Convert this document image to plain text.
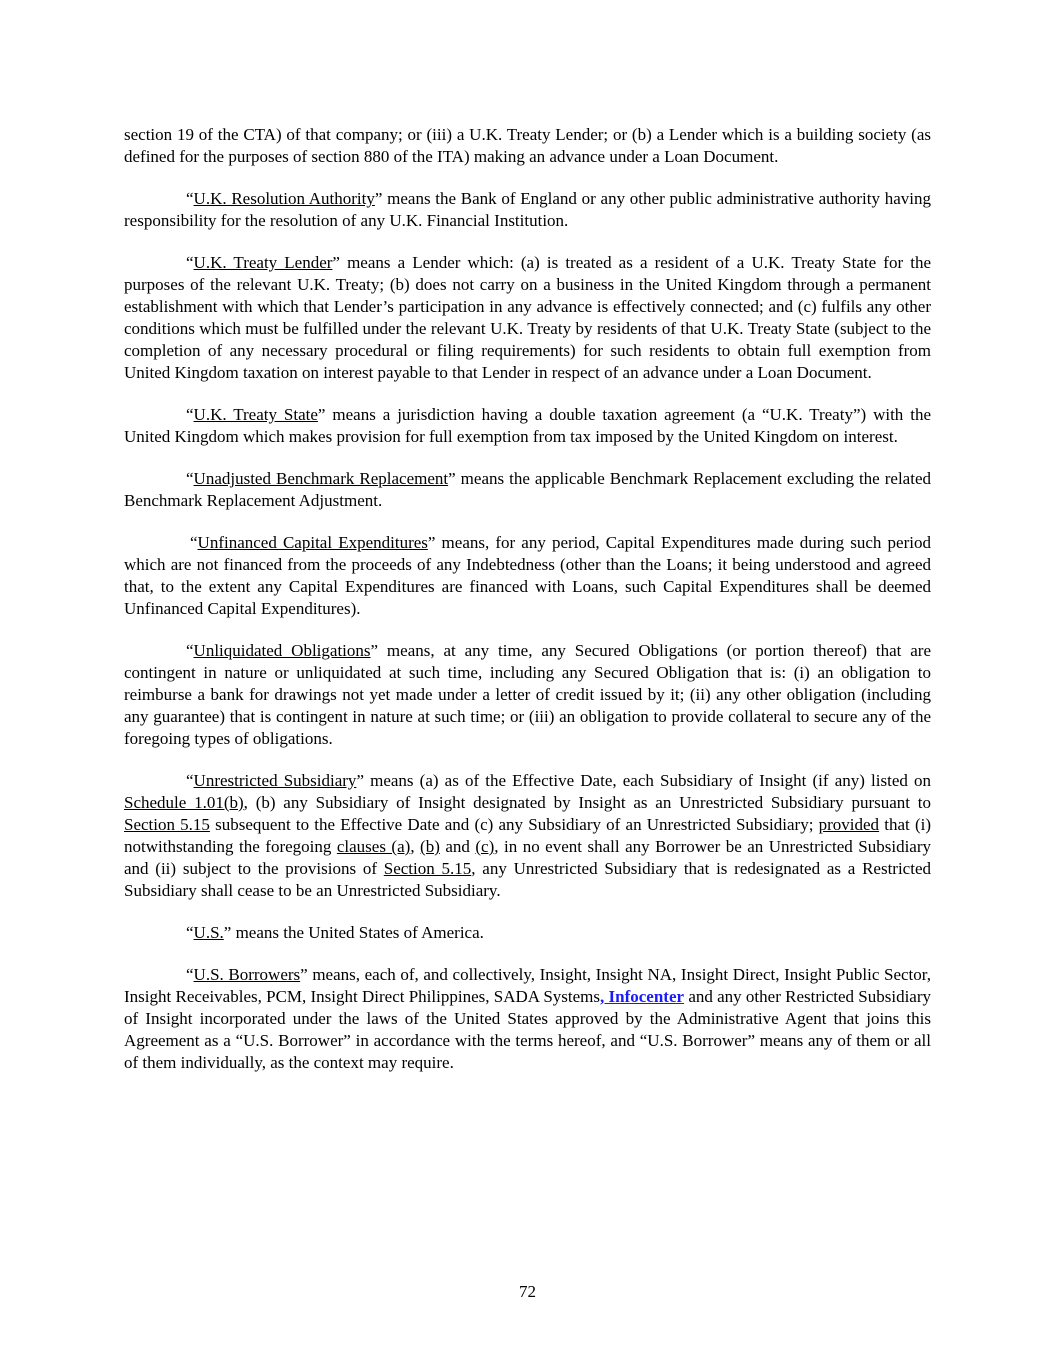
section 19 of the CTA) of that company; or (iii) a U.K. Treaty Lender; or (b) a Lender which is a building society (as defined for the purposes of section 880 of the ITA) making an advance under a Loan Document.

“U.K. Resolution Authority” means the Bank of England or any other public administrative authority having responsibility for the resolution of any U.K. Financial Institution.

“U.K. Treaty Lender” means a Lender which: (a) is treated as a resident of a U.K. Treaty State for the purposes of the relevant U.K. Treaty; (b) does not carry on a business in the United Kingdom through a permanent establishment with which that Lender’s participation in any advance is effectively connected; and (c) fulfils any other conditions which must be fulfilled under the relevant U.K. Treaty by residents of that U.K. Treaty State (subject to the completion of any necessary procedural or filing requirements) for such residents to obtain full exemption from United Kingdom taxation on interest payable to that Lender in respect of an advance under a Loan Document.

“U.K. Treaty State” means a jurisdiction having a double taxation agreement (a “U.K. Treaty”) with the United Kingdom which makes provision for full exemption from tax imposed by the United Kingdom on interest.

“Unadjusted Benchmark Replacement” means the applicable Benchmark Replacement excluding the related Benchmark Replacement Adjustment.

“Unfinanced Capital Expenditures” means, for any period, Capital Expenditures made during such period which are not financed from the proceeds of any Indebtedness (other than the Loans; it being understood and agreed that, to the extent any Capital Expenditures are financed with Loans, such Capital Expenditures shall be deemed Unfinanced Capital Expenditures).

“Unliquidated Obligations” means, at any time, any Secured Obligations (or portion thereof) that are contingent in nature or unliquidated at such time, including any Secured Obligation that is: (i) an obligation to reimburse a bank for drawings not yet made under a letter of credit issued by it; (ii) any other obligation (including any guarantee) that is contingent in nature at such time; or (iii) an obligation to provide collateral to secure any of the foregoing types of obligations.

“Unrestricted Subsidiary” means (a) as of the Effective Date, each Subsidiary of Insight (if any) listed on Schedule 1.01(b), (b) any Subsidiary of Insight designated by Insight as an Unrestricted Subsidiary pursuant to Section 5.15 subsequent to the Effective Date and (c) any Subsidiary of an Unrestricted Subsidiary; provided that (i) notwithstanding the foregoing clauses (a), (b) and (c), in no event shall any Borrower be an Unrestricted Subsidiary and (ii) subject to the provisions of Section 5.15, any Unrestricted Subsidiary that is redesignated as a Restricted Subsidiary shall cease to be an Unrestricted Subsidiary.

“U.S.” means the United States of America.

“U.S. Borrowers” means, each of, and collectively, Insight, Insight NA, Insight Direct, Insight Public Sector, Insight Receivables, PCM, Insight Direct Philippines, SADA Systems, Infocenter and any other Restricted Subsidiary of Insight incorporated under the laws of the United States approved by the Administrative Agent that joins this Agreement as a “U.S. Borrower” in accordance with the terms hereof, and “U.S. Borrower” means any of them or all of them individually, as the context may require.

72
